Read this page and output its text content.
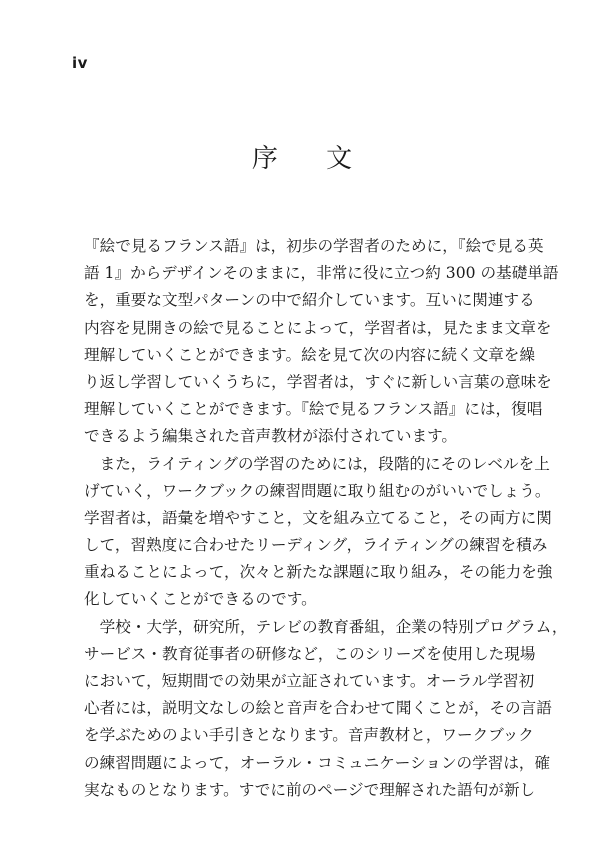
iv
序 文
『絵で見るフランス語』は，初歩の学習者のために，『絵で見る英
語 1』からデザインそのままに，非常に役に立つ約 300 の基礎単語
を，重要な文型パターンの中で紹介しています。互いに関連する
内容を見開きの絵で見ることによって，学習者は，見たまま文章を
理解していくことができます。絵を見て次の内容に続く文章を繰
り返し学習していくうちに，学習者は，すぐに新しい言葉の意味を
理解していくことができます。『絵で見るフランス語』には，復唱
できるよう編集された音声教材が添付されています。
　また，ライティングの学習のためには，段階的にそのレベルを上
げていく，ワークブックの練習問題に取り組むのがいいでしょう。
学習者は，語彙を増やすこと，文を組み立てること，その両方に関
して，習熟度に合わせたリーディング，ライティングの練習を積み
重ねることによって，次々と新たな課題に取り組み，その能力を強
化していくことができるのです。
　学校・大学，研究所，テレビの教育番組，企業の特別プログラム，
サービス・教育従事者の研修など，このシリーズを使用した現場
において，短期間での効果が立証されています。オーラル学習初
心者には，説明文なしの絵と音声を合わせて聞くことが，その言語
を学ぶためのよい手引きとなります。音声教材と，ワークブック
の練習問題によって，オーラル・コミュニケーションの学習は，確
実なものとなります。すでに前のページで理解された語句が新し
